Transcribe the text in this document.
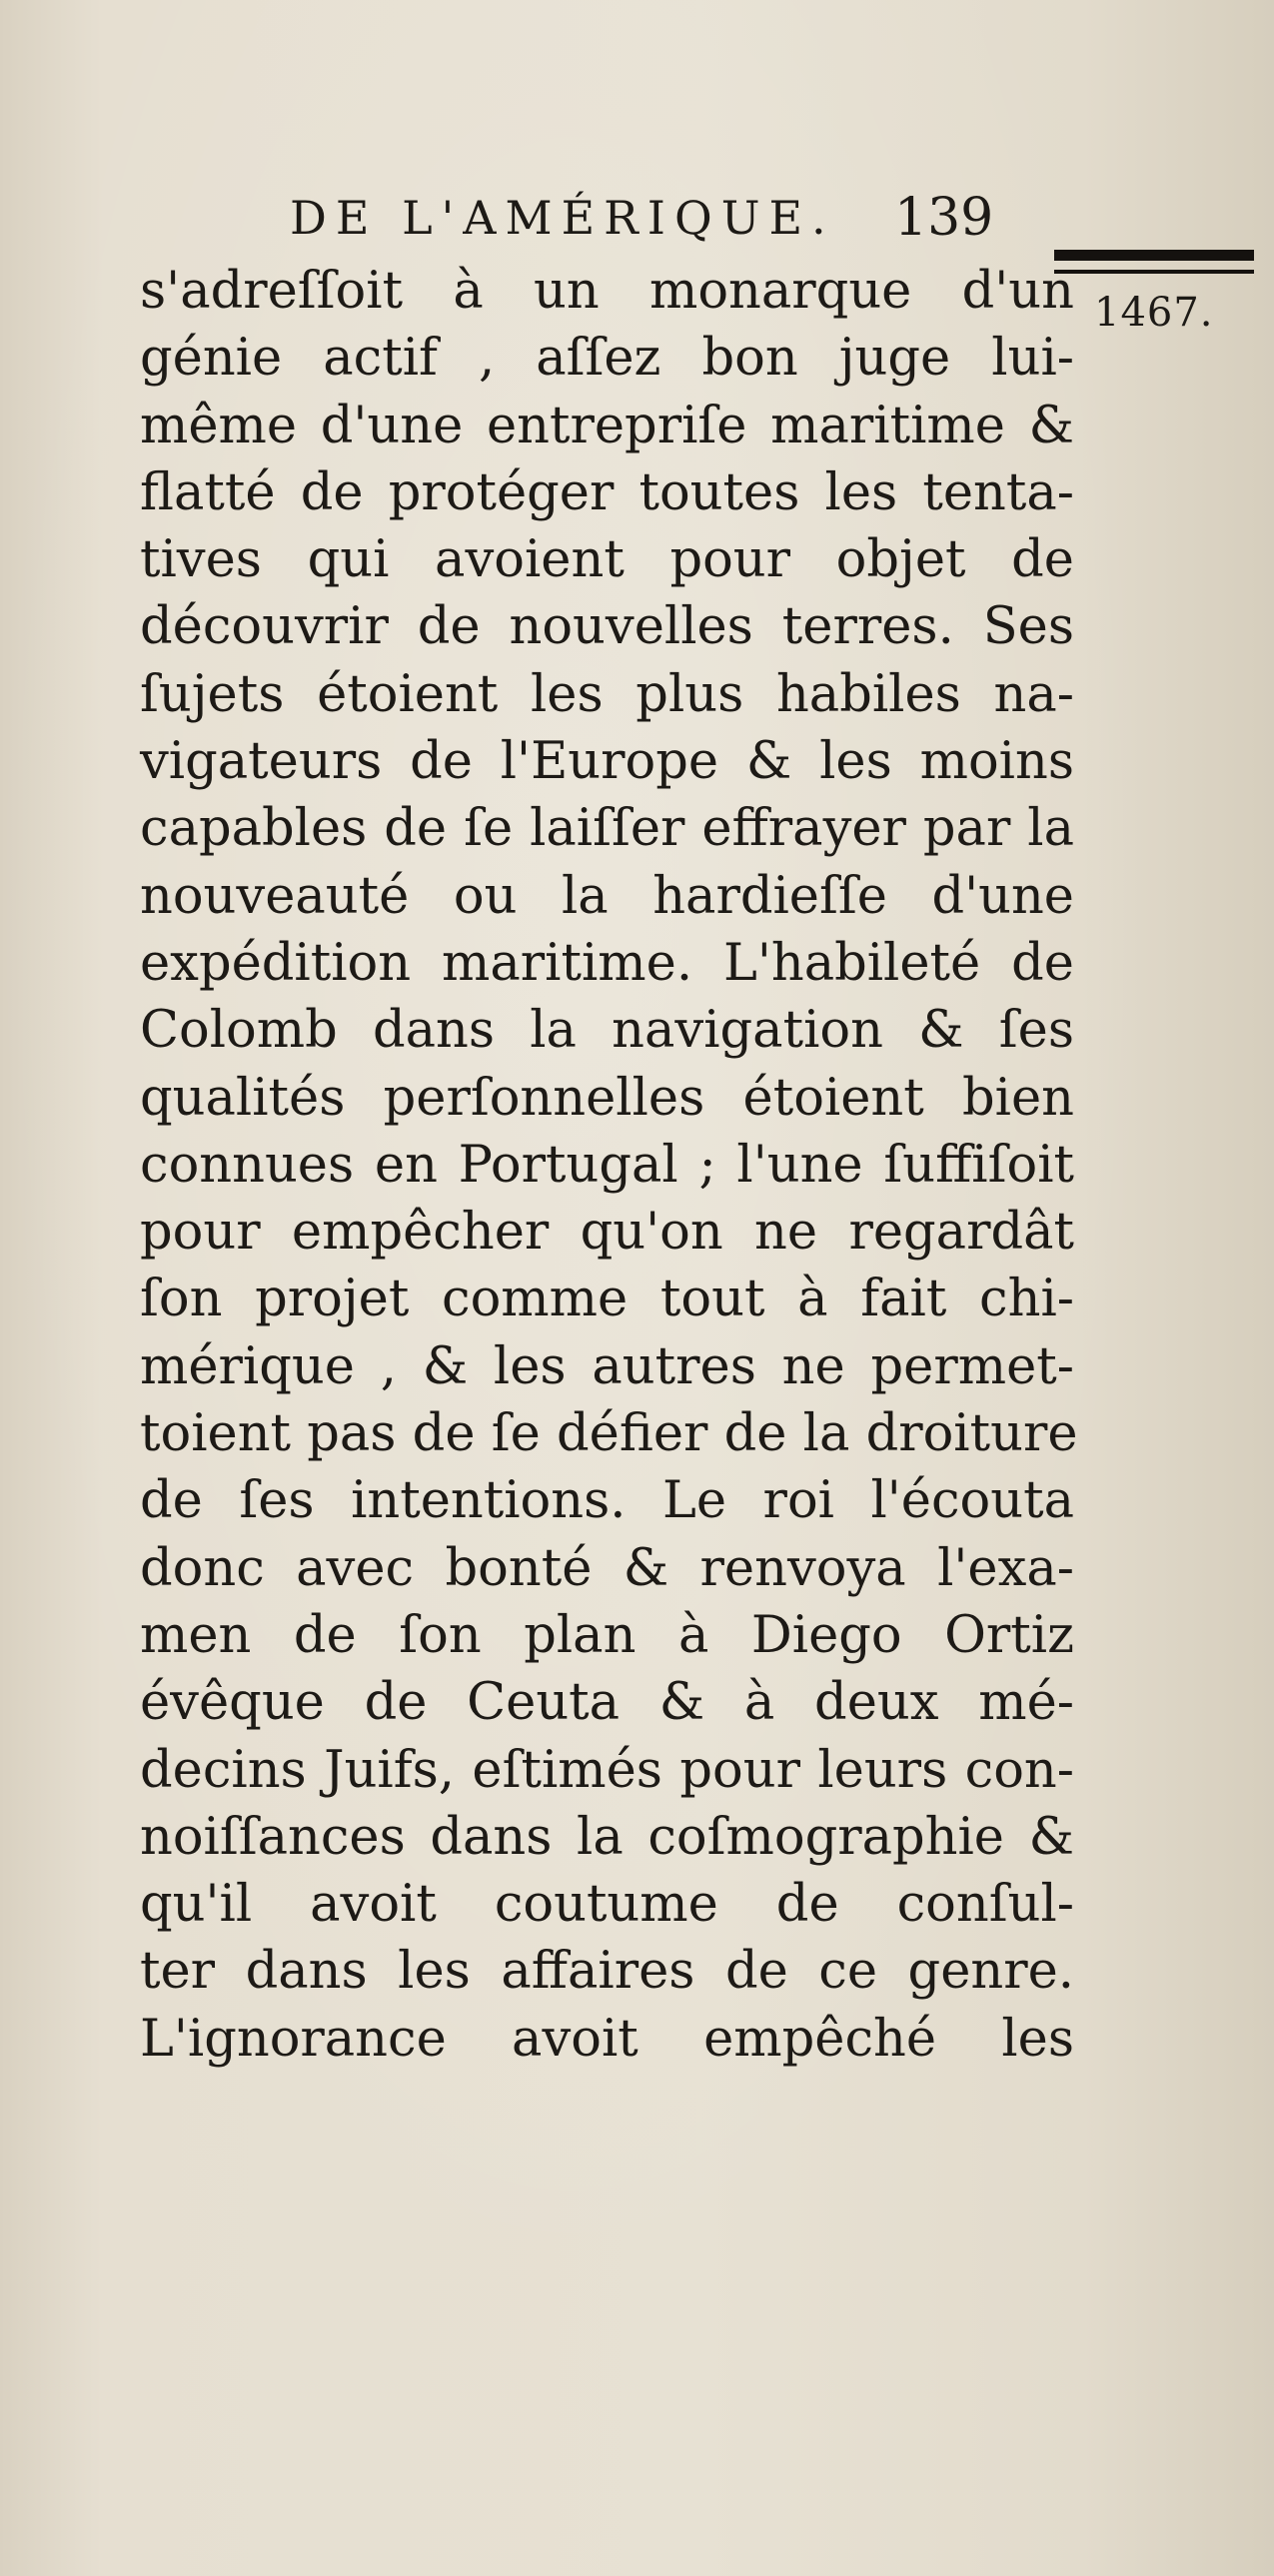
DE L'AMÉRIQUE. 139
1467.
s'adreſſoit à un monarque d'un
génie actif , aſſez bon juge lui-
même d'une entrepriſe maritime &
flatté de protéger toutes les tenta-
tives qui avoient pour objet de
découvrir de nouvelles terres. Ses
ſujets étoient les plus habiles na-
vigateurs de l'Europe & les moins
capables de ſe laiſſer effrayer par la
nouveauté ou la hardieſſe d'une
expédition maritime. L'habileté de
Colomb dans la navigation & ſes
qualités perſonnelles étoient bien
connues en Portugal ; l'une ſuffiſoit
pour empêcher qu'on ne regardât
ſon projet comme tout à fait chi-
mérique , & les autres ne permet-
toient pas de ſe défier de la droiture
de ſes intentions. Le roi l'écouta
donc avec bonté & renvoya l'exa-
men de ſon plan à Diego Ortiz
évêque de Ceuta & à deux mé-
decins Juifs, eſtimés pour leurs con-
noiſſances dans la coſmographie &
qu'il avoit coutume de conſul-
ter dans les affaires de ce genre.
L'ignorance avoit empêché les
